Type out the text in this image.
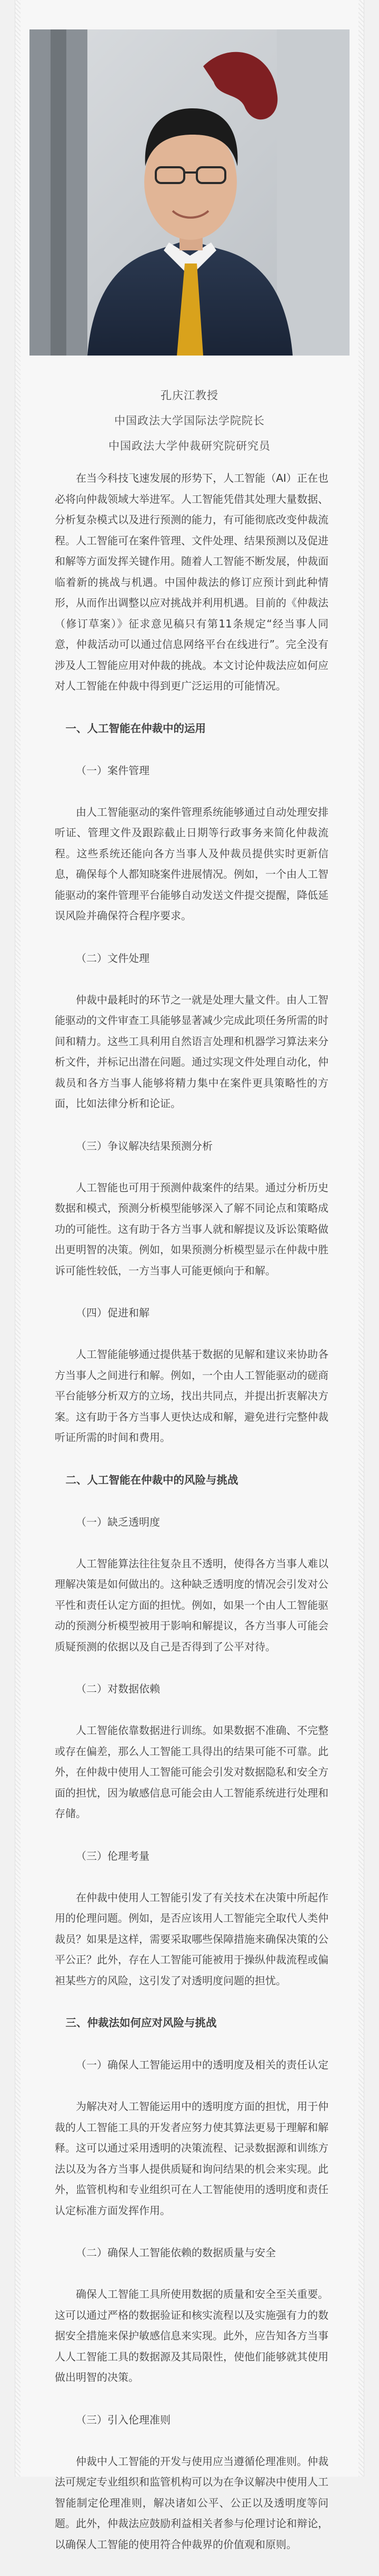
孔庆江教授
中国政法大学国际法学院院长
中国政法大学仲裁研究院研究员

在当今科技飞速发展的形势下，人工智能（AI）正在也必将向仲裁领域大举进军。人工智能凭借其处理大量数据、分析复杂模式以及进行预测的能力，有可能彻底改变仲裁流程。人工智能可在案件管理、文件处理、结果预测以及促进和解等方面发挥关键作用。随着人工智能不断发展，仲裁面临着新的挑战与机遇。中国仲裁法的修订应预计到此种情形，从而作出调整以应对挑战并利用机遇。目前的《仲裁法（修订草案）》征求意见稿只有第11条规定“经当事人同意，仲裁活动可以通过信息网络平台在线进行”。完全没有涉及人工智能应用对仲裁的挑战。本文讨论仲裁法应如何应对人工智能在仲裁中得到更广泛运用的可能情况。

一、人工智能在仲裁中的运用
（一）案件管理

由人工智能驱动的案件管理系统能够通过自动处理安排听证、管理文件及跟踪截止日期等行政事务来简化仲裁流程。这些系统还能向各方当事人及仲裁员提供实时更新信息，确保每个人都知晓案件进展情况。例如，一个由人工智能驱动的案件管理平台能够自动发送文件提交提醒，降低延误风险并确保符合程序要求。

（二）文件处理

仲裁中最耗时的环节之一就是处理大量文件。由人工智能驱动的文件审查工具能够显著减少完成此项任务所需的时间和精力。这些工具利用自然语言处理和机器学习算法来分析文件，并标记出潜在问题。通过实现文件处理自动化，仲裁员和各方当事人能够将精力集中在案件更具策略性的方面，比如法律分析和论证。

（三）争议解决结果预测分析

人工智能也可用于预测仲裁案件的结果。通过分析历史数据和模式，预测分析模型能够深入了解不同论点和策略成功的可能性。这有助于各方当事人就和解提议及诉讼策略做出更明智的决策。例如，如果预测分析模型显示在仲裁中胜诉可能性较低，一方当事人可能更倾向于和解。

（四）促进和解

人工智能能够通过提供基于数据的见解和建议来协助各方当事人之间进行和解。例如，一个由人工智能驱动的磋商平台能够分析双方的立场，找出共同点，并提出折衷解决方案。这有助于各方当事人更快达成和解，避免进行完整仲裁听证所需的时间和费用。

二、人工智能在仲裁中的风险与挑战
（一）缺乏透明度

人工智能算法往往复杂且不透明，使得各方当事人难以理解决策是如何做出的。这种缺乏透明度的情况会引发对公平性和责任认定方面的担忧。例如，如果一个由人工智能驱动的预测分析模型被用于影响和解提议，各方当事人可能会质疑预测的依据以及自己是否得到了公平对待。

（二）对数据依赖

人工智能依靠数据进行训练。如果数据不准确、不完整或存在偏差，那么人工智能工具得出的结果可能不可靠。此外，在仲裁中使用人工智能可能会引发对数据隐私和安全方面的担忧，因为敏感信息可能会由人工智能系统进行处理和存储。

（三）伦理考量

在仲裁中使用人工智能引发了有关技术在决策中所起作用的伦理问题。例如，是否应该用人工智能完全取代人类仲裁员？如果是这样，需要采取哪些保障措施来确保决策的公平公正？此外，存在人工智能可能被用于操纵仲裁流程或偏袒某些方的风险，这引发了对透明度问题的担忧。

三、仲裁法如何应对风险与挑战
（一）确保人工智能运用中的透明度及相关的责任认定

为解决对人工智能运用中的透明度方面的担忧，用于仲裁的人工智能工具的开发者应努力使其算法更易于理解和解释。这可以通过采用透明的决策流程、记录数据源和训练方法以及为各方当事人提供质疑和询问结果的机会来实现。此外，监管机构和专业组织可在人工智能使用的透明度和责任认定标准方面发挥作用。

（二）确保人工智能依赖的数据质量与安全

确保人工智能工具所使用数据的质量和安全至关重要。这可以通过严格的数据验证和核实流程以及实施强有力的数据安全措施来保护敏感信息来实现。此外，应告知各方当事人人工智能工具的数据源及其局限性，使他们能够就其使用做出明智的决策。

（三）引入伦理准则

仲裁中人工智能的开发与使用应当遵循伦理准则。仲裁法可规定专业组织和监管机构可以为在争议解决中使用人工智能制定伦理准则，解决诸如公平、公正以及透明度等问题。此外，仲裁法应鼓励利益相关者参与伦理讨论和辩论，以确保人工智能的使用符合仲裁界的价值观和原则。
